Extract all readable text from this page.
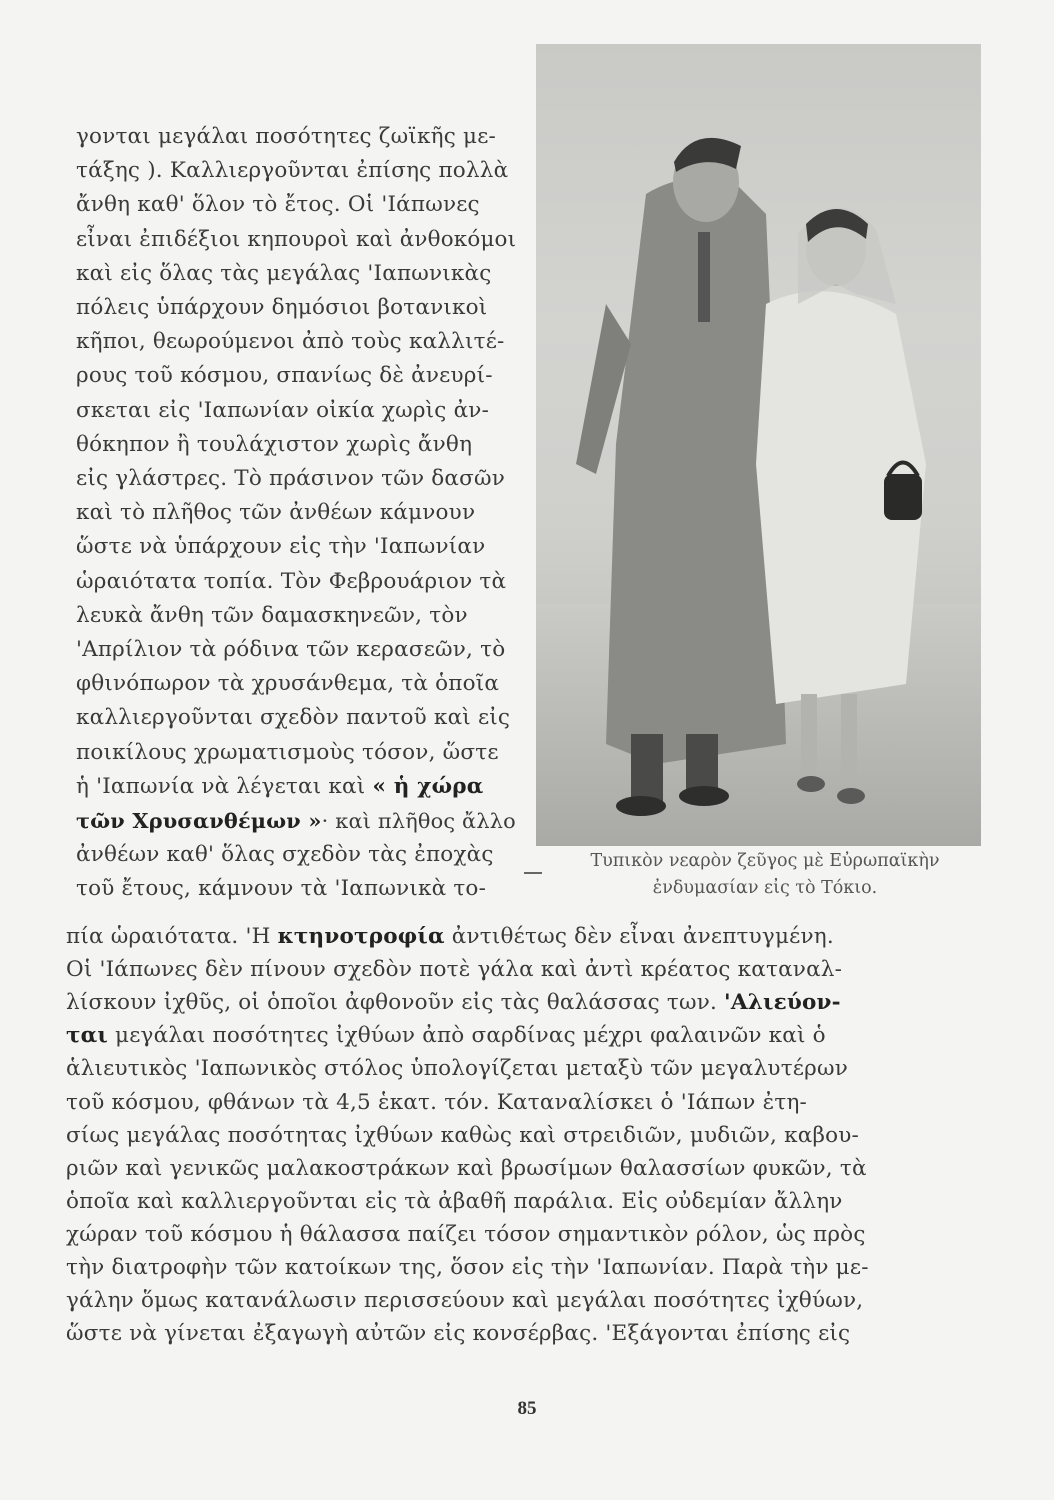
γονται μεγάλαι ποσότητες ζωϊκῆς με-
τάξης ). Καλλιεργοῦνται ἐπίσης πολλὰ
ἄνθη καθ' ὅλον τὸ ἔτος. Οἱ 'Ιάπωνες
εἶναι ἐπιδέξιοι κηπουροὶ καὶ ἀνθοκόμοι
καὶ εἰς ὅλας τὰς μεγάλας 'Ιαπωνικὰς
πόλεις ὑπάρχουν δημόσιοι βοτανικοὶ
κῆποι, θεωρούμενοι ἀπὸ τοὺς καλλιτέ-
ρους τοῦ κόσμου, σπανίως δὲ ἀνευρί-
σκεται εἰς 'Ιαπωνίαν οἰκία χωρὶς ἀν-
θόκηπον ἢ τουλάχιστον χωρὶς ἄνθη
εἰς γλάστρες. Τὸ πράσινον τῶν δασῶν
καὶ τὸ πλῆθος τῶν ἀνθέων κάμνουν
ὥστε νὰ ὑπάρχουν εἰς τὴν 'Ιαπωνίαν
ὡραιότατα τοπία. Τὸν Φεβρουάριον τὰ
λευκὰ ἄνθη τῶν δαμασκηνεῶν, τὸν
'Απρίλιον τὰ ρόδινα τῶν κερασεῶν, τὸ
φθινόπωρον τὰ χρυσάνθεμα, τὰ ὁποῖα
καλλιεργοῦνται σχεδὸν παντοῦ καὶ εἰς
ποικίλους χρωματισμοὺς τόσον, ὥστε
ἡ 'Ιαπωνία νὰ λέγεται καὶ « ἡ χώρα
τῶν Χρυσανθέμων »· καὶ πλῆθος ἄλλο
ἀνθέων καθ' ὅλας σχεδὸν τὰς ἐποχὰς
τοῦ ἔτους, κάμνουν τὰ 'Ιαπωνικὰ το-
Τυπικὸν νεαρὸν ζεῦγος μὲ Εὐρωπαϊκὴν
ἐνδυμασίαν εἰς τὸ Τόκιο.
πία ὡραιότατα. 'Η κτηνοτροφία ἀντιθέτως δὲν εἶναι ἀνεπτυγμένη.
Οἱ 'Ιάπωνες δὲν πίνουν σχεδὸν ποτὲ γάλα καὶ ἀντὶ κρέατος καταναλ-
λίσκουν ἰχθῦς, οἱ ὁποῖοι ἀφθονοῦν εἰς τὰς θαλάσσας των. 'Αλιεύον-
ται μεγάλαι ποσότητες ἰχθύων ἀπὸ σαρδίνας μέχρι φαλαινῶν καὶ ὁ
ἁλιευτικὸς 'Ιαπωνικὸς στόλος ὑπολογίζεται μεταξὺ τῶν μεγαλυτέρων
τοῦ κόσμου, φθάνων τὰ 4,5 ἑκατ. τόν. Καταναλίσκει ὁ 'Ιάπων ἐτη-
σίως μεγάλας ποσότητας ἰχθύων καθὼς καὶ στρειδιῶν, μυδιῶν, καβου-
ριῶν καὶ γενικῶς μαλακοστράκων καὶ βρωσίμων θαλασσίων φυκῶν, τὰ
ὁποῖα καὶ καλλιεργοῦνται εἰς τὰ ἀβαθῆ παράλια. Εἰς οὐδεμίαν ἄλλην
χώραν τοῦ κόσμου ἡ θάλασσα παίζει τόσον σημαντικὸν ρόλον, ὡς πρὸς
τὴν διατροφὴν τῶν κατοίκων της, ὅσον εἰς τὴν 'Ιαπωνίαν. Παρὰ τὴν με-
γάλην ὅμως κατανάλωσιν περισσεύουν καὶ μεγάλαι ποσότητες ἰχθύων,
ὥστε νὰ γίνεται ἐξαγωγὴ αὐτῶν εἰς κονσέρβας. 'Εξάγονται ἐπίσης εἰς
85
